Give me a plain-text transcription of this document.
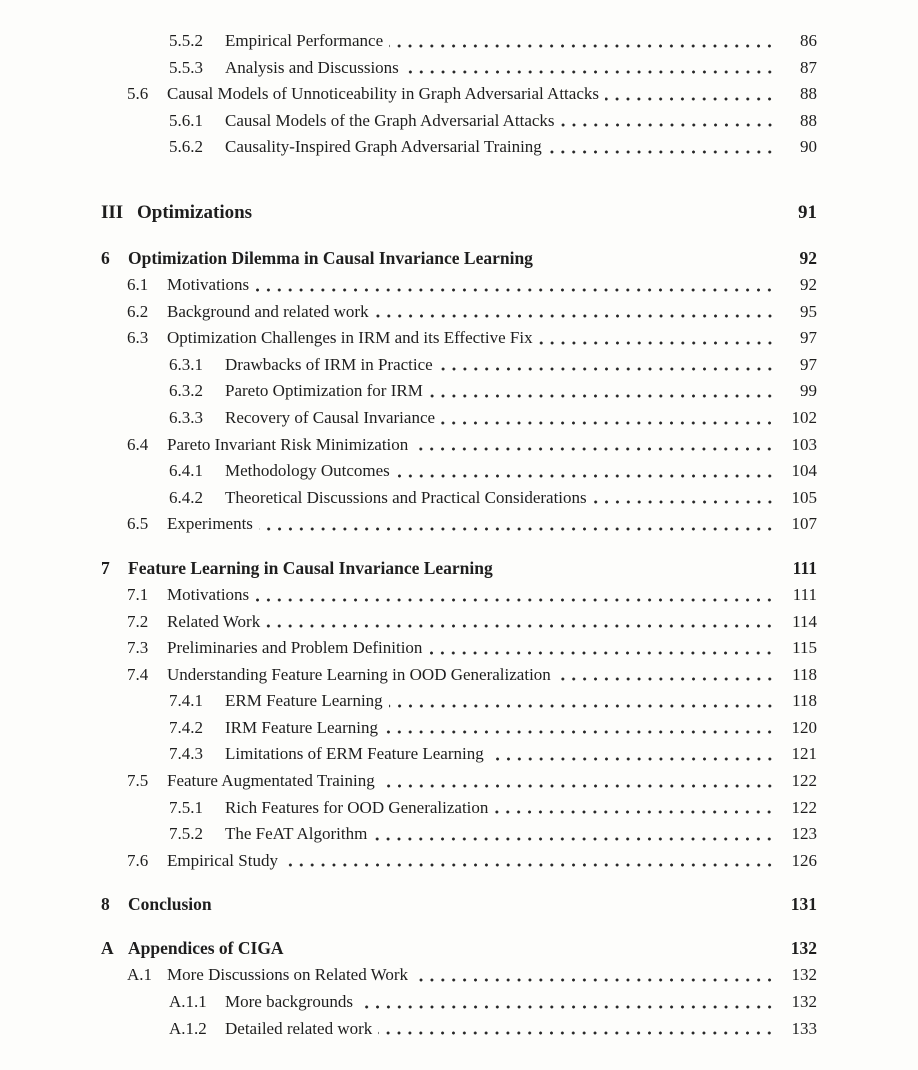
5.5.2	Empirical Performance	86
5.5.3	Analysis and Discussions	87
5.6	Causal Models of Unnoticeability in Graph Adversarial Attacks	88
5.6.1	Causal Models of the Graph Adversarial Attacks	88
5.6.2	Causality-Inspired Graph Adversarial Training	90
III Optimizations	91
6	Optimization Dilemma in Causal Invariance Learning	92
6.1	Motivations	92
6.2	Background and related work	95
6.3	Optimization Challenges in IRM and its Effective Fix	97
6.3.1	Drawbacks of IRM in Practice	97
6.3.2	Pareto Optimization for IRM	99
6.3.3	Recovery of Causal Invariance	102
6.4	Pareto Invariant Risk Minimization	103
6.4.1	Methodology Outcomes	104
6.4.2	Theoretical Discussions and Practical Considerations	105
6.5	Experiments	107
7	Feature Learning in Causal Invariance Learning	111
7.1	Motivations	111
7.2	Related Work	114
7.3	Preliminaries and Problem Definition	115
7.4	Understanding Feature Learning in OOD Generalization	118
7.4.1	ERM Feature Learning	118
7.4.2	IRM Feature Learning	120
7.4.3	Limitations of ERM Feature Learning	121
7.5	Feature Augmentated Training	122
7.5.1	Rich Features for OOD Generalization	122
7.5.2	The FeAT Algorithm	123
7.6	Empirical Study	126
8	Conclusion	131
A Appendices of CIGA	132
A.1 More Discussions on Related Work	132
A.1.1	More backgrounds	132
A.1.2	Detailed related work	133
